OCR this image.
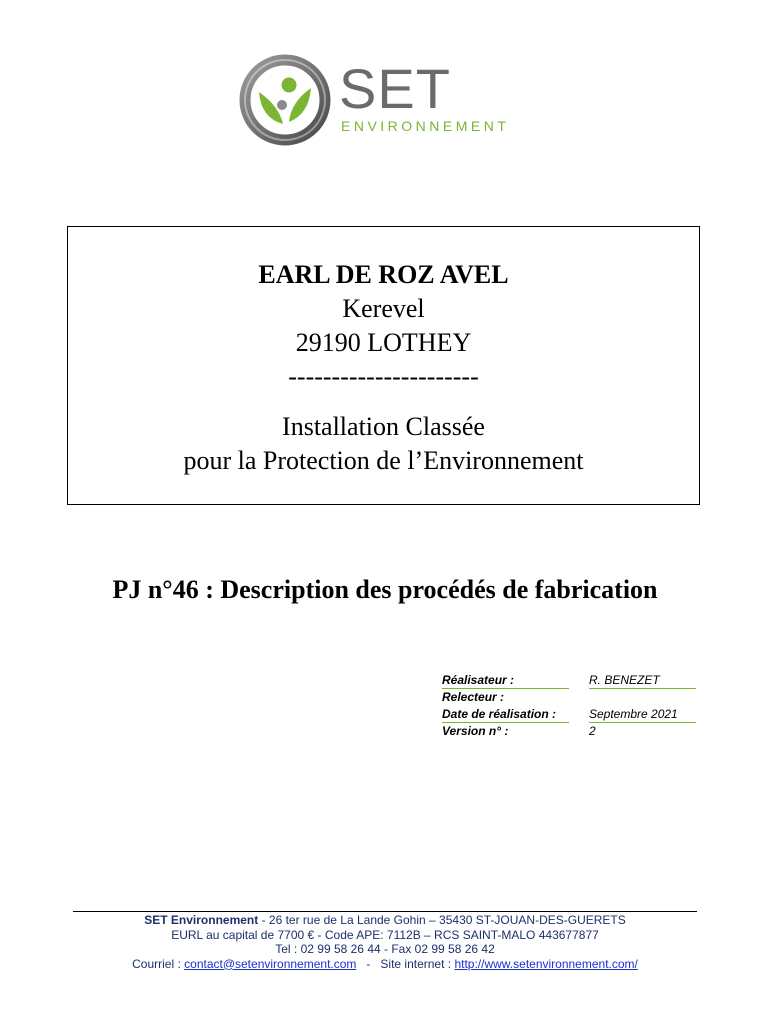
SET
ENVIRONNEMENT
EARL DE ROZ AVEL
Kerevel
29190 LOTHEY
----------------------
Installation Classée
pour la Protection de l’Environnement
PJ n°46 : Description des procédés de fabrication
Réalisateur :	R. BENEZET
Relecteur :
Date de réalisation :	Septembre 2021
Version n° :	2
SET Environnement - 26 ter rue de La Lande Gohin – 35430 ST-JOUAN-DES-GUERETS
EURL au capital de 7700 € - Code APE: 7112B – RCS SAINT-MALO 443677877
Tel : 02 99 58 26 44 - Fax 02 99 58 26 42
Courriel : contact@setenvironnement.com   -   Site internet : http://www.setenvironnement.com/
